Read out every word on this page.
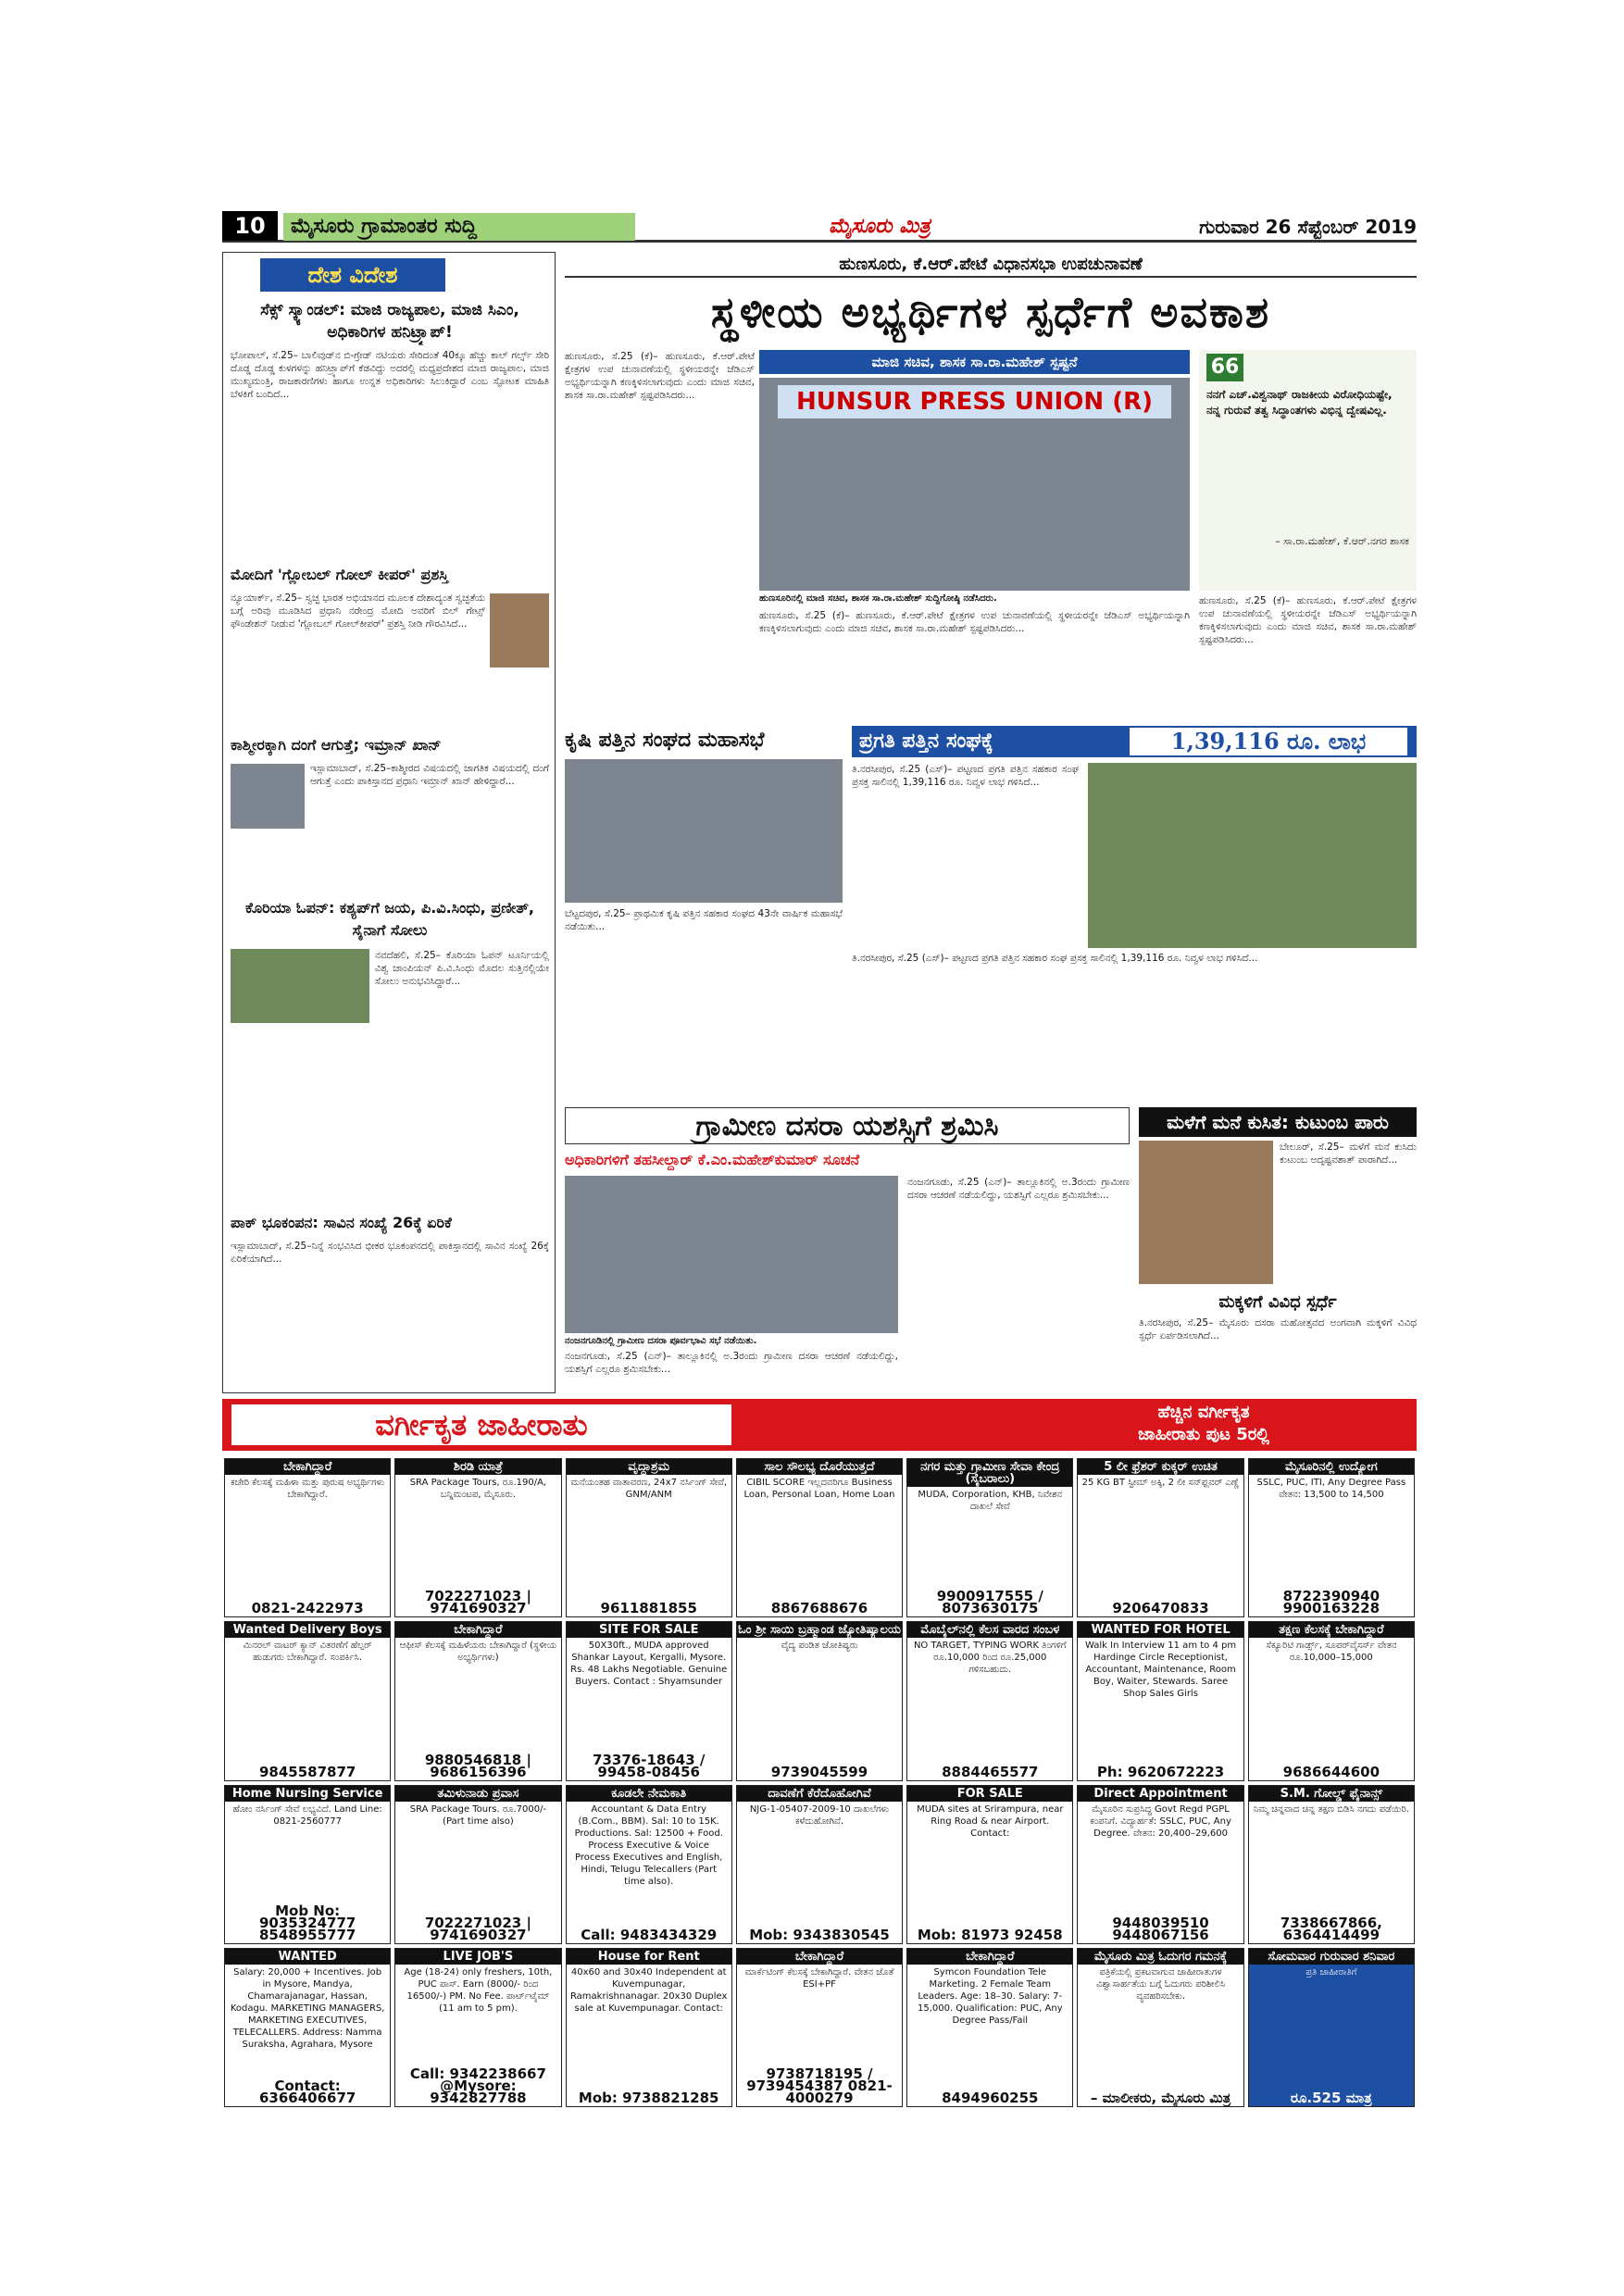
10	ಮೈಸೂರು ಗ್ರಾಮಾಂತರ ಸುದ್ದಿ	ಮೈಸೂರು ಮಿತ್ರ	ಗುರುವಾರ 26 ಸೆಪ್ಟೆಂಬರ್ 2019
ದೇಶ ವಿದೇಶ
ಸೆಕ್ಸ್ ಸ್ಕ್ಯಾಂಡಲ್: ಮಾಜಿ ರಾಜ್ಯಪಾಲ, ಮಾಜಿ ಸಿಎಂ, ಅಧಿಕಾರಿಗಳ ಹನಿಟ್ರ್ಯಾಪ್!
ಭೋಪಾಲ್, ಸೆ.25– ಬಾಲಿವುಡ್‌ನ ಬಿ-ಗ್ರೇಡ್ ನಟಿಯರು ಸೇರಿದಂತೆ 40ಕ್ಕೂ ಹೆಚ್ಚು ಕಾಲ್ ಗರ್ಲ್ಸ್ ಸೇರಿ ದೊಡ್ಡ ದೊಡ್ಡ ಕುಳಗಳನ್ನು ಹನಿಟ್ರ್ಯಾಪ್‌ಗೆ ಕೆಡವಿದ್ದು ಅದರಲ್ಲಿ ಮಧ್ಯಪ್ರದೇಶದ ಮಾಜಿ ರಾಜ್ಯಪಾಲ, ಮಾಜಿ ಮುಖ್ಯಮಂತ್ರಿ, ರಾಜಕಾರಣಿಗಳು ಹಾಗೂ ಉನ್ನತ ಅಧಿಕಾರಿಗಳು ಸಿಲುಕಿದ್ದಾರೆ ಎಂಬ ಸ್ಫೋಟಕ ಮಾಹಿತಿ ಬೆಳಕಿಗೆ ಬಂದಿದೆ...
ಮೋದಿಗೆ 'ಗ್ಲೋಬಲ್ ಗೋಲ್ ಕೀಪರ್' ಪ್ರಶಸ್ತಿ
ನ್ಯೂಯಾರ್ಕ್, ಸೆ.25– ಸ್ವಚ್ಛ ಭಾರತ ಅಭಿಯಾನದ ಮೂಲಕ ದೇಶಾದ್ಯಂತ ಸ್ವಚ್ಛತೆಯ ಬಗ್ಗೆ ಅರಿವು ಮೂಡಿಸಿದ ಪ್ರಧಾನಿ ನರೇಂದ್ರ ಮೋದಿ ಅವರಿಗೆ ಬಿಲ್ ಗೇಟ್ಸ್ ಫೌಂಡೇಶನ್ ನೀಡುವ 'ಗ್ಲೋಬಲ್ ಗೋಲ್‌ಕೀಪರ್' ಪ್ರಶಸ್ತಿ ನೀಡಿ ಗೌರವಿಸಿದೆ...
ಕಾಶ್ಮೀರಕ್ಕಾಗಿ ದಂಗೆ ಆಗುತ್ತೆ; ಇಮ್ರಾನ್ ಖಾನ್
ಇಸ್ಲಾಮಾಬಾದ್, ಸೆ.25–ಕಾಶ್ಮೀರದ ವಿಷಯದಲ್ಲಿ ಜಾಗತಿಕ ವಿಷಯದಲ್ಲಿ ದಂಗೆ ಆಗುತ್ತೆ ಎಂದು ಪಾಕಿಸ್ತಾನದ ಪ್ರಧಾನಿ ಇಮ್ರಾನ್ ಖಾನ್ ಹೇಳಿದ್ದಾರೆ...
ಕೊರಿಯಾ ಓಪನ್: ಕಶ್ಯಪ್‌ಗೆ ಜಯ, ಪಿ.ವಿ.ಸಿಂಧು, ಪ್ರಣೀತ್, ಸೈನಾಗೆ ಸೋಲು
ನವದೆಹಲಿ, ಸೆ.25– ಕೊರಿಯಾ ಓಪನ್ ಟೂರ್ನಿಯಲ್ಲಿ ವಿಶ್ವ ಚಾಂಪಿಯನ್ ಪಿ.ವಿ.ಸಿಂಧು ಮೊದಲ ಸುತ್ತಿನಲ್ಲಿಯೇ ಸೋಲು ಅನುಭವಿಸಿದ್ದಾರೆ...
ಪಾಕ್ ಭೂಕಂಪನ: ಸಾವಿನ ಸಂಖ್ಯೆ 26ಕ್ಕೆ ಏರಿಕೆ
ಇಸ್ಲಾಮಾಬಾದ್, ಸೆ.25–ನಿನ್ನೆ ಸಂಭವಿಸಿದ ಭೀಕರ ಭೂಕಂಪನದಲ್ಲಿ ಪಾಕಿಸ್ತಾನದಲ್ಲಿ ಸಾವಿನ ಸಂಖ್ಯೆ 26ಕ್ಕೆ ಏರಿಕೆಯಾಗಿದೆ...
ಹುಣಸೂರು, ಕೆ.ಆರ್.ಪೇಟೆ ವಿಧಾನಸಭಾ ಉಪಚುನಾವಣೆ
ಸ್ಥಳೀಯ ಅಭ್ಯರ್ಥಿಗಳ ಸ್ಪರ್ಧೆಗೆ ಅವಕಾಶ
ಹುಣಸೂರು, ಸೆ.25 (ಕೆ)– ಹುಣಸೂರು, ಕೆ.ಆರ್.ಪೇಟೆ ಕ್ಷೇತ್ರಗಳ ಉಪ ಚುನಾವಣೆಯಲ್ಲಿ ಸ್ಥಳೀಯರನ್ನೇ ಜೆಡಿಎಸ್ ಅಭ್ಯರ್ಥಿಯನ್ನಾಗಿ ಕಣಕ್ಕಿಳಿಸಲಾಗುವುದು ಎಂದು ಮಾಜಿ ಸಚಿವ, ಶಾಸಕ ಸಾ.ರಾ.ಮಹೇಶ್ ಸ್ಪಷ್ಟಪಡಿಸಿದರು...
ಮಾಜಿ ಸಚಿವ, ಶಾಸಕ ಸಾ.ರಾ.ಮಹೇಶ್ ಸ್ಪಷ್ಟನೆ
HUNSUR PRESS UNION (R)
ಹುಣಸೂರಿನಲ್ಲಿ ಮಾಜಿ ಸಚಿವ, ಶಾಸಕ ಸಾ.ರಾ.ಮಹೇಶ್ ಸುದ್ದಿಗೋಷ್ಠಿ ನಡೆಸಿದರು.
ಹುಣಸೂರು, ಸೆ.25 (ಕೆ)– ಹುಣಸೂರು, ಕೆ.ಆರ್.ಪೇಟೆ ಕ್ಷೇತ್ರಗಳ ಉಪ ಚುನಾವಣೆಯಲ್ಲಿ ಸ್ಥಳೀಯರನ್ನೇ ಜೆಡಿಎಸ್ ಅಭ್ಯರ್ಥಿಯನ್ನಾಗಿ ಕಣಕ್ಕಿಳಿಸಲಾಗುವುದು ಎಂದು ಮಾಜಿ ಸಚಿವ, ಶಾಸಕ ಸಾ.ರಾ.ಮಹೇಶ್ ಸ್ಪಷ್ಟಪಡಿಸಿದರು...
66
ನನಗೆ ಎಚ್.ವಿಶ್ವನಾಥ್ ರಾಜಕೀಯ ವಿರೋಧಿಯಷ್ಟೇ, ನನ್ನ ಗುರುವೆ ತತ್ವ ಸಿದ್ಧಾಂತಗಳು ವಿಭಿನ್ನ ದ್ವೇಷವಿಲ್ಲ.
– ಸಾ.ರಾ.ಮಹೇಶ್, ಕೆ.ಆರ್.ನಗರ ಶಾಸಕ
ಹುಣಸೂರು, ಸೆ.25 (ಕೆ)– ಹುಣಸೂರು, ಕೆ.ಆರ್.ಪೇಟೆ ಕ್ಷೇತ್ರಗಳ ಉಪ ಚುನಾವಣೆಯಲ್ಲಿ ಸ್ಥಳೀಯರನ್ನೇ ಜೆಡಿಎಸ್ ಅಭ್ಯರ್ಥಿಯನ್ನಾಗಿ ಕಣಕ್ಕಿಳಿಸಲಾಗುವುದು ಎಂದು ಮಾಜಿ ಸಚಿವ, ಶಾಸಕ ಸಾ.ರಾ.ಮಹೇಶ್ ಸ್ಪಷ್ಟಪಡಿಸಿದರು...
ಕೃಷಿ ಪತ್ತಿನ ಸಂಘದ ಮಹಾಸಭೆ
ಬೆಟ್ಟದಪುರ, ಸೆ.25– ಪ್ರಾಥಮಿಕ ಕೃಷಿ ಪತ್ತಿನ ಸಹಕಾರ ಸಂಘದ 43ನೇ ವಾರ್ಷಿಕ ಮಹಾಸಭೆ ನಡೆಯಿತು...
ಪ್ರಗತಿ ಪತ್ತಿನ ಸಂಘಕ್ಕೆ	1,39,116 ರೂ. ಲಾಭ
ತಿ.ನರಸೀಪುರ, ಸೆ.25 (ಎಸ್)– ಪಟ್ಟಣದ ಪ್ರಗತಿ ಪತ್ತಿನ ಸಹಕಾರ ಸಂಘ ಪ್ರಸಕ್ತ ಸಾಲಿನಲ್ಲಿ 1,39,116 ರೂ. ನಿವ್ವಳ ಲಾಭ ಗಳಿಸಿದೆ...
ತಿ.ನರಸೀಪುರ, ಸೆ.25 (ಎಸ್)– ಪಟ್ಟಣದ ಪ್ರಗತಿ ಪತ್ತಿನ ಸಹಕಾರ ಸಂಘ ಪ್ರಸಕ್ತ ಸಾಲಿನಲ್ಲಿ 1,39,116 ರೂ. ನಿವ್ವಳ ಲಾಭ ಗಳಿಸಿದೆ...
ಗ್ರಾಮೀಣ ದಸರಾ ಯಶಸ್ಸಿಗೆ ಶ್ರಮಿಸಿ
ಅಧಿಕಾರಿಗಳಿಗೆ ತಹಸೀಲ್ದಾರ್ ಕೆ.ಎಂ.ಮಹೇಶ್‌ಕುಮಾರ್ ಸೂಚನೆ
ನಂಜನಗೂಡಿನಲ್ಲಿ ಗ್ರಾಮೀಣ ದಸರಾ ಪೂರ್ವಭಾವಿ ಸಭೆ ನಡೆಯಿತು.
ನಂಜನಗೂಡು, ಸೆ.25 (ಎನ್)– ತಾಲ್ಲೂಕಿನಲ್ಲಿ ಅ.3ರಂದು ಗ್ರಾಮೀಣ ದಸರಾ ಆಚರಣೆ ನಡೆಯಲಿದ್ದು, ಯಶಸ್ಸಿಗೆ ಎಲ್ಲರೂ ಶ್ರಮಿಸಬೇಕು...
ನಂಜನಗೂಡು, ಸೆ.25 (ಎನ್)– ತಾಲ್ಲೂಕಿನಲ್ಲಿ ಅ.3ರಂದು ಗ್ರಾಮೀಣ ದಸರಾ ಆಚರಣೆ ನಡೆಯಲಿದ್ದು, ಯಶಸ್ಸಿಗೆ ಎಲ್ಲರೂ ಶ್ರಮಿಸಬೇಕು...
ಮಳೆಗೆ ಮನೆ ಕುಸಿತ: ಕುಟುಂಬ ಪಾರು
ಬೇಲೂರ್, ಸೆ.25– ಮಳೆಗೆ ಮನೆ ಕುಸಿದು ಕುಟುಂಬ ಅದೃಷ್ಟವಶಾತ್ ಪಾರಾಗಿದೆ...
ಮಕ್ಕಳಿಗೆ ವಿವಿಧ ಸ್ಪರ್ಧೆ
ತಿ.ನರಸೀಪುರ, ಸೆ.25– ಮೈಸೂರು ದಸರಾ ಮಹೋತ್ಸವದ ಅಂಗವಾಗಿ ಮಕ್ಕಳಿಗೆ ವಿವಿಧ ಸ್ಪರ್ಧೆ ಏರ್ಪಡಿಸಲಾಗಿದೆ...
ವರ್ಗೀಕೃತ ಜಾಹೀರಾತು	ಹೆಚ್ಚಿನ ವರ್ಗೀಕೃತ
ಜಾಹೀರಾತು ಪುಟ 5ರಲ್ಲಿ
ಬೇಕಾಗಿದ್ದಾರೆ
ಕಚೇರಿ ಕೆಲಸಕ್ಕೆ ಮಹಿಳಾ ಮತ್ತು ಪುರುಷ ಅಭ್ಯರ್ಥಿಗಳು ಬೇಕಾಗಿದ್ದಾರೆ.
0821-2422973
ಶಿರಡಿ ಯಾತ್ರೆ
SRA Package Tours, ರೂ.190/A, ಬನ್ನಿಮಂಟಪ, ಮೈಸೂರು.
7022271023 | 9741690327
ವೃದ್ಧಾಶ್ರಮ
ಮನೆಯಂತಹ ವಾತಾವರಣ, 24x7 ನರ್ಸಿಂಗ್ ಸೇವೆ, GNM/ANM
9611881855
ಸಾಲ ಸೌಲಭ್ಯ ದೊರೆಯುತ್ತದೆ
CIBIL SCORE ಇಲ್ಲದವರಿಗೂ Business Loan, Personal Loan, Home Loan
8867688676
ನಗರ ಮತ್ತು ಗ್ರಾಮೀಣ ಸೇವಾ ಕೇಂದ್ರ (ಸೈಬರಾಲು)
MUDA, Corporation, KHB, ನಿವೇಶನ ದಾಖಲೆ ಸೇವೆ
9900917555 / 8073630175
5 ಲೀ ಫ್ರೆಶರ್ ಕುಕ್ಕರ್ ಉಚಿತ
25 KG BT ಸ್ಟೀಮ್ ಅಕ್ಕಿ, 2 ಲೀ ಸನ್‌ಫ್ಲವರ್ ಎಣ್ಣೆ
9206470833
ಮೈಸೂರಿನಲ್ಲಿ ಉದ್ಯೋಗ
SSLC, PUC, ITI, Any Degree Pass ವೇತನ: 13,500 to 14,500
8722390940 9900163228
Wanted Delivery Boys
ಮಿನರಲ್ ವಾಟರ್ ಕ್ಯಾನ್ ವಿತರಣೆಗೆ ಹೆಲ್ಪರ್ ಹುಡುಗರು ಬೇಕಾಗಿದ್ದಾರೆ. ಸಂಪರ್ಕಿಸಿ.
9845587877
ಬೇಕಾಗಿದ್ದಾರೆ
ಆಫೀಸ್ ಕೆಲಸಕ್ಕೆ ಮಹಿಳೆಯರು ಬೇಕಾಗಿದ್ದಾರೆ (ಸ್ಥಳೀಯ ಅಭ್ಯರ್ಥಿಗಳು)
9880546818 | 9686156396
SITE FOR SALE
50X30ft., MUDA approved Shankar Layout, Kergalli, Mysore. Rs. 48 Lakhs Negotiable. Genuine Buyers. Contact : Shyamsunder
73376-18643 / 99458-08456
ಓಂ ಶ್ರೀ ಸಾಯಿ ಬ್ರಹ್ಮಾಂಡ ಜ್ಯೋತಿಷ್ಯಾಲಯ
ವೈದ್ಯ ಪಂಡಿತ ಜೋತಿಷ್ಯರು
9739045599
ಮೊಬೈಲ್‌ನಲ್ಲಿ ಕೆಲಸ ವಾರದ ಸಂಬಳ
NO TARGET, TYPING WORK ತಿಂಗಳಿಗೆ ರೂ.10,000 ರಿಂದ ರೂ.25,000 ಗಳಿಸಬಹುದು.
8884465577
WANTED FOR HOTEL
Walk In Interview 11 am to 4 pm Hardinge Circle Receptionist, Accountant, Maintenance, Room Boy, Waiter, Stewards. Saree Shop Sales Girls
Ph: 9620672223
ತಕ್ಷಣ ಕೆಲಸಕ್ಕೆ ಬೇಕಾಗಿದ್ದಾರೆ
ಸೆಕ್ಯೂರಿಟಿ ಗಾರ್ಡ್ಸ್, ಸೂಪರ್‌ವೈಸರ್ಸ್ ವೇತನ ರೂ.10,000–15,000
9686644600
Home Nursing Service
ಹೋಂ ನರ್ಸಿಂಗ್ ಸೇವೆ ಲಭ್ಯವಿದೆ. Land Line: 0821-2560777
Mob No: 9035324777 8548955777
ತಮಿಳುನಾಡು ಪ್ರವಾಸ
SRA Package Tours. ರೂ.7000/- (Part time also)
7022271023 | 9741690327
ಕೂಡಲೇ ನೇಮಕಾತಿ
Accountant & Data Entry (B.Com., BBM). Sal: 10 to 15K. Productions. Sal: 12500 + Food. Process Executive & Voice Process Executives and English, Hindi, Telugu Telecallers (Part time also).
Call: 9483434329
ದಾವಣೆಗೆ ಕೆರೆದೊಹೋಗಿವೆ
NJG-1-05407-2009-10 ದಾಖಲೆಗಳು ಕಳೆದುಹೋಗಿವೆ.
Mob: 9343830545
FOR SALE
MUDA sites at Srirampura, near Ring Road & near Airport. Contact:
Mob: 81973 92458
Direct Appointment
ಮೈಸೂರಿನ ಸುಪ್ರಸಿದ್ಧ Govt Regd PGPL ಕಂಪನಿಗೆ. ವಿದ್ಯಾರ್ಹತೆ: SSLC, PUC, Any Degree. ವೇತನ: 20,400–29,600
9448039510 9448067156
S.M. ಗೋಲ್ಡ್ ಫೈನಾನ್ಸ್
ನಿಮ್ಮ ಚಿನ್ನವಾದ ಚಿನ್ನ ತಕ್ಷಣ ಬಿಡಿಸಿ ನಗದು ಪಡೆಯಿರಿ.
7338667866, 6364414499
WANTED
Salary: 20,000 + Incentives. Job in Mysore, Mandya, Chamarajanagar, Hassan, Kodagu. MARKETING MANAGERS, MARKETING EXECUTIVES, TELECALLERS. Address: Namma Suraksha, Agrahara, Mysore
Contact: 6366406677
LIVE JOB'S
Age (18-24) only freshers, 10th, PUC ಪಾಸ್. Earn (8000/- ರಿಂದ 16500/-) PM. No Fee. ಪಾರ್ಟ್‌ಟೈಮ್ (11 am to 5 pm).
Call: 9342238667 @Mysore: 9342827788
House for Rent
40x60 and 30x40 Independent at Kuvempunagar, Ramakrishnanagar. 20x30 Duplex sale at Kuvempunagar. Contact:
Mob: 9738821285
ಬೇಕಾಗಿದ್ದಾರೆ
ಮಾರ್ಕೆಟಿಂಗ್ ಕೆಲಸಕ್ಕೆ ಬೇಕಾಗಿದ್ದಾರೆ. ವೇತನ ಜೊತೆ ESI+PF
9738718195 / 9739454387 0821-4000279
ಬೇಕಾಗಿದ್ದಾರೆ
Symcon Foundation Tele Marketing. 2 Female Team Leaders. Age: 18–30. Salary: 7-15,000. Qualification: PUC, Any Degree Pass/Fail
8494960255
ಮೈಸೂರು ಮಿತ್ರ ಓದುಗರ ಗಮನಕ್ಕೆ
ಪತ್ರಿಕೆಯಲ್ಲಿ ಪ್ರಕಟವಾಗುವ ಜಾಹೀರಾತುಗಳ ವಿಶ್ವಾಸಾರ್ಹತೆಯ ಬಗ್ಗೆ ಓದುಗರು ಪರಿಶೀಲಿಸಿ ವ್ಯವಹರಿಸಬೇಕು.
– ಮಾಲೀಕರು, ಮೈಸೂರು ಮಿತ್ರ
ಸೋಮವಾರ ಗುರುವಾರ ಶನಿವಾರ
ಪ್ರತಿ ಜಾಹೀರಾತಿಗೆ
ರೂ.525 ಮಾತ್ರ
